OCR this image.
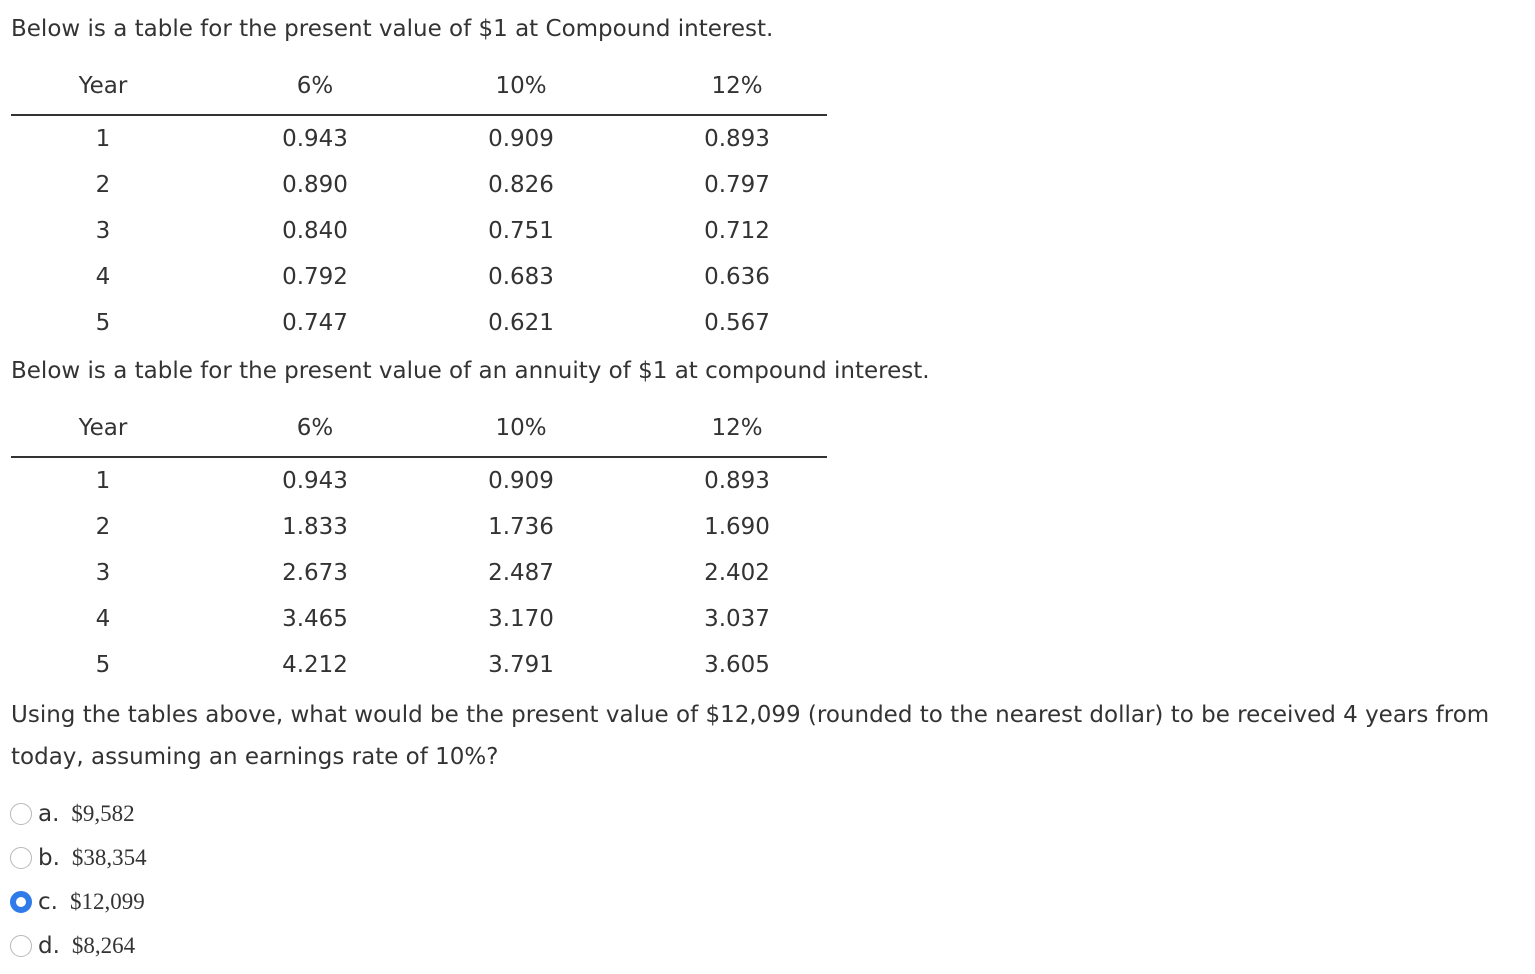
Below is a table for the present value of $1 at Compound interest.
Year	6%	10%	12%
1	0.943	0.909	0.893
2	0.890	0.826	0.797
3	0.840	0.751	0.712
4	0.792	0.683	0.636
5	0.747	0.621	0.567
Below is a table for the present value of an annuity of $1 at compound interest.
Year	6%	10%	12%
1	0.943	0.909	0.893
2	1.833	1.736	1.690
3	2.673	2.487	2.402
4	3.465	3.170	3.037
5	4.212	3.791	3.605
Using the tables above, what would be the present value of $12,099 (rounded to the nearest dollar) to be received 4 years from today, assuming an earnings rate of 10%?
a. $9,582
b. $38,354
c. $12,099
d. $8,264
